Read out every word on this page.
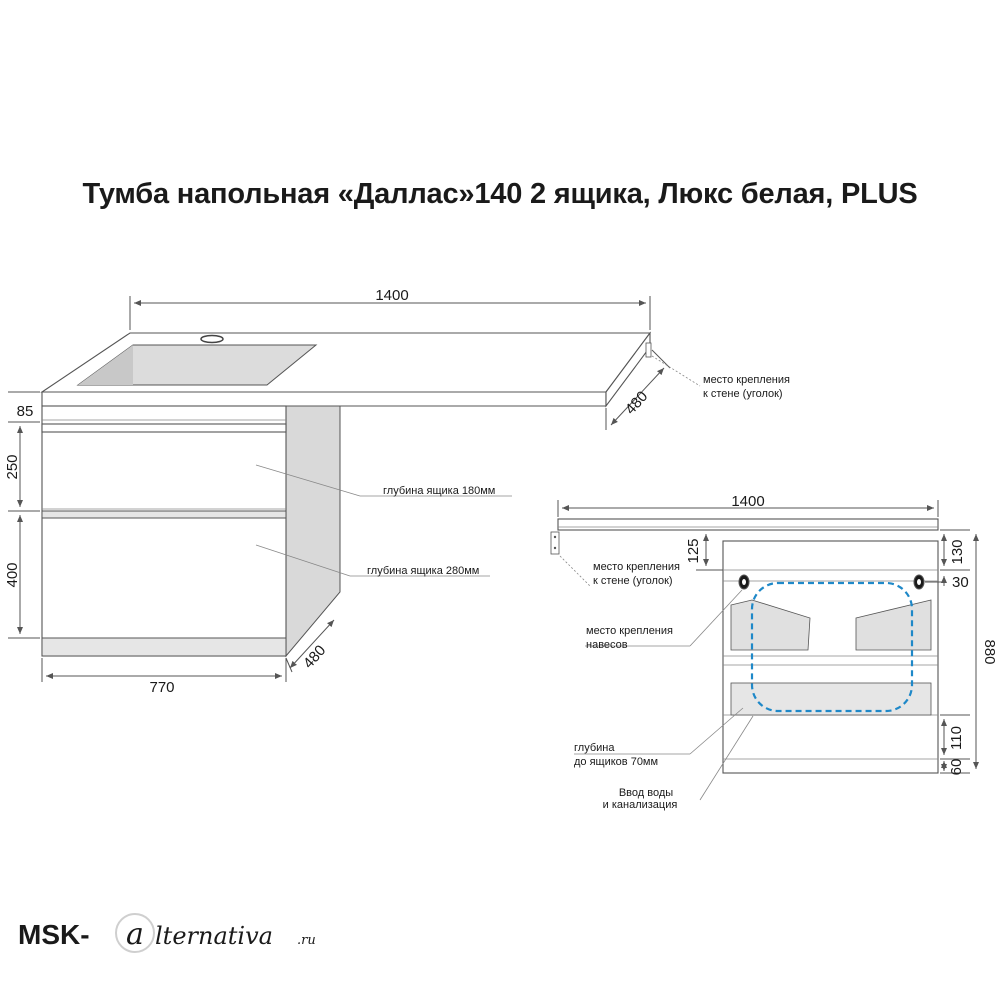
Тумба напольная «Даллас»140 2 ящика, Люкс белая, PLUS
1400
480
место крепления
к стене (уголок)
85
250
400
770
480
глубина ящика 180мм
глубина ящика 280мм
1400
125	130
30
880
110
60
место крепления
к стене (уголок)
место крепления
навесов
глубина
до ящиков 70мм
Ввод воды
и канализация
MSK- a lternativa .ru
